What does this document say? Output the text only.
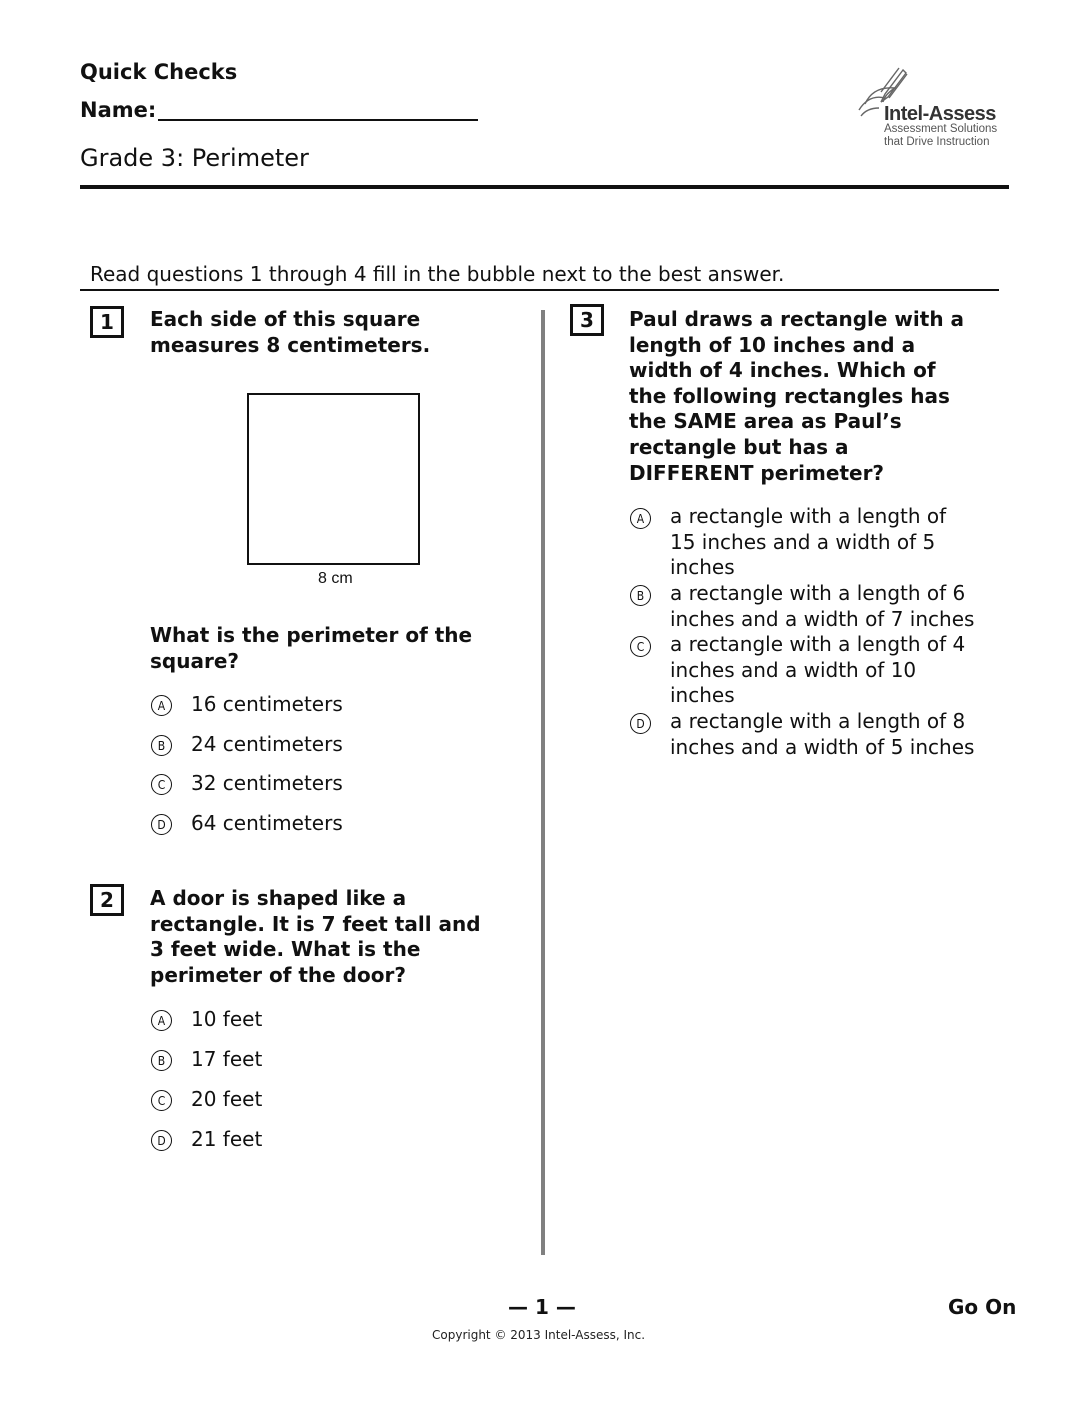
Quick Checks
Name:
Grade 3: Perimeter
Intel-Assess
Assessment Solutions
that Drive Instruction
Read questions 1 through 4 fill in the bubble next to the best answer.
1	Each side of this square
measures 8 centimeters.
8 cm
What is the perimeter of the
square?
A	16 centimeters
B	24 centimeters
C	32 centimeters
D	64 centimeters
2	A door is shaped like a
rectangle. It is 7 feet tall and
3 feet wide. What is the
perimeter of the door?
A	10 feet
B	17 feet
C	20 feet
D	21 feet
3	Paul draws a rectangle with a
length of 10 inches and a
width of 4 inches. Which of
the following rectangles has
the SAME area as Paul’s
rectangle but has a
DIFFERENT perimeter?
A	a rectangle with a length of
15 inches and a width of 5
inches
B	a rectangle with a length of 6
inches and a width of 7 inches
C	a rectangle with a length of 4
inches and a width of 10
inches
D	a rectangle with a length of 8
inches and a width of 5 inches
— 1 —	Go On
Copyright © 2013 Intel-Assess, Inc.
